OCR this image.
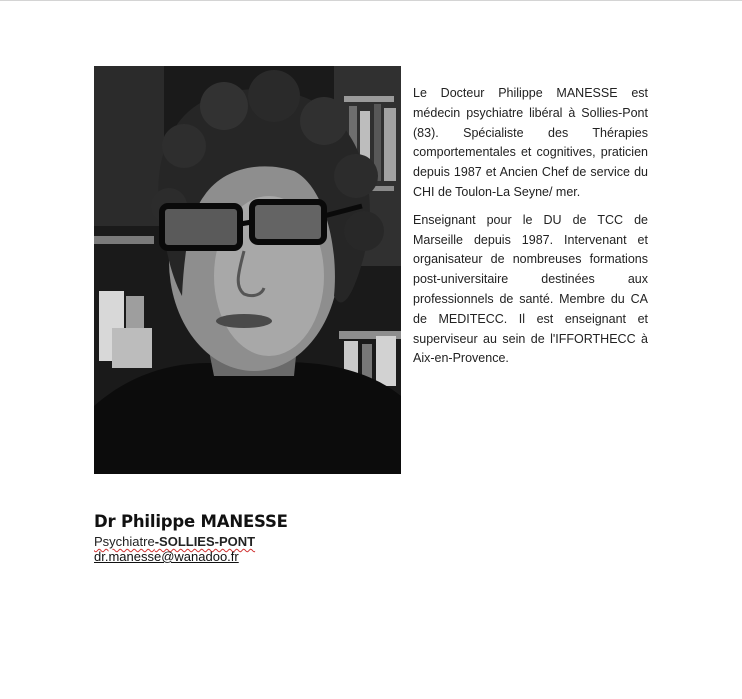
Le Docteur Philippe MANESSE est médecin psychiatre libéral à Sollies-Pont (83). Spécialiste des Thérapies comportementales et cognitives, praticien depuis 1987 et Ancien Chef de service du CHI de Toulon-La Seyne/ mer.

Enseignant pour le DU de TCC de Marseille depuis 1987. Intervenant et organisateur de nombreuses formations post-universitaire destinées aux professionnels de santé. Membre du CA de MEDITECC. Il est enseignant et superviseur au sein de l'IFFORTHECC à Aix-en-Provence.

Dr Philippe MANESSE
Psychiatre-SOLLIES-PONT
dr.manesse@wanadoo.fr
